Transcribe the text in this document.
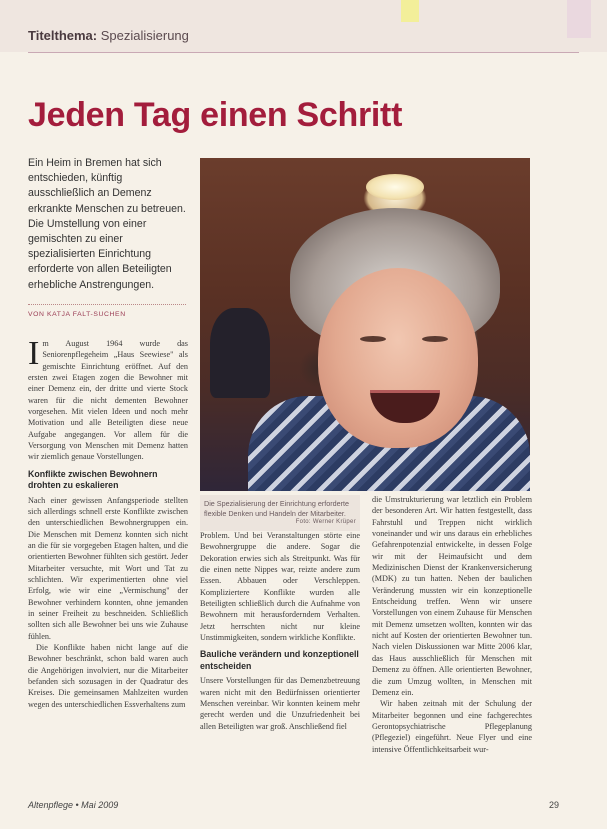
Titelthema: Spezialisierung
Jeden Tag einen Schritt
Ein Heim in Bremen hat sich entschieden, künftig ausschließlich an Demenz erkrankte Menschen zu betreuen. Die Umstellung von einer gemischten zu einer spezialisierten Einrichtung erforderte von allen Beteiligten erhebliche Anstrengungen.
VON KATJA FALT-SUCHEN
Die Spezialisierung der Einrichtung erforderte flexible Denken und Handeln der Mitarbeiter.
Foto: Werner Krüper

Im August 1964 wurde das Seniorenpflegeheim „Haus Seewiese" als gemischte Einrichtung eröffnet. Auf den ersten zwei Etagen zogen die Bewohner mit einer Demenz ein, der dritte und vierte Stock waren für die nicht dementen Bewohner vorgesehen. Mit vielen Ideen und noch mehr Motivation und alle Beteiligten diese neue Aufgabe angegangen. Vor allem für die Versorgung von Menschen mit Demenz hatten wir ziemlich genaue Vorstellungen.

Konflikte zwischen Bewohnern drohten zu eskalieren

Nach einer gewissen Anfangsperiode stellten sich allerdings schnell erste Konflikte zwischen den unterschiedlichen Bewohnergruppen ein. Die Menschen mit Demenz konnten sich nicht an die für sie vorgegeben Etagen halten, und die orientierten Bewohner fühlten sich gestört. Jeder Mitarbeiter versuchte, mit Wort und Tat zu schlichten. Wir experimentierten ohne viel Erfolg, wie wir eine „Vermischung" der Bewohner verhindern konnten, ohne jemanden in seiner Freiheit zu beschneiden. Schließlich sollten sich alle Bewohner bei uns wie Zuhause fühlen.

Die Konflikte haben nicht lange auf die Bewohner beschränkt, schon bald waren auch die Angehörigen involviert, nur die Mitarbeiter befanden sich sozusagen in der Quadratur des Kreises. Die gemeinsamen Mahlzeiten wurden wegen des unterschiedlichen Essverhaltens zum

Problem. Und bei Veranstaltungen störte eine Bewohnergruppe die andere. Sogar die Dekoration erwies sich als Streitpunkt. Was für die einen nette Nippes war, reizte andere zum Essen. Abbauen oder Verschleppen. Kompliziertere Konflikte wurden alle Beteiligten schließlich durch die Aufnahme von Bewohnern mit herausforderndem Verhalten. Jetzt herrschten nicht nur kleine Unstimmigkeiten, sondern wirkliche Konflikte.

Bauliche verändern und konzeptionell entscheiden

Unsere Vorstellungen für das Demenzbetreuung waren nicht mit den Bedürfnissen orientierter Menschen vereinbar. Wir konnten keinem mehr gerecht werden und die Unzufriedenheit bei allen Beteiligten war groß. Anschließend fiel

die Umstrukturierung war letztlich ein Problem der besonderen Art. Wir hatten festgestellt, dass Fahrstuhl und Treppen nicht wirklich voneinander und wir uns daraus ein erhebliches Gefahrenpotenzial entwickelte, in dessen Folge wir mit der Heimaufsicht und dem Medizinischen Dienst der Krankenversicherung (MDK) zu tun hatten. Neben der baulichen Veränderung mussten wir ein konzeptionelle Entscheidung treffen. Wenn wir unsere Vorstellungen von einem Zuhause für Menschen mit Demenz umsetzen wollten, konnten wir das nicht auf Kosten der orientierten Bewohner tun. Nach vielen Diskussionen war Mitte 2006 klar, das Haus ausschließlich für Menschen mit Demenz zu öffnen. Alle orientierten Bewohner, die zum Umzug wollten, in Menschen mit Demenz ein.

Wir haben zeitnah mit der Schulung der Mitarbeiter begonnen und eine fachgerechtes Gerontopsychiatrische Pflegeplanung (Pflegeziel) eingeführt. Neue Flyer und eine intensive Öffentlichkeitsarbeit wur-

Altenpflege • Mai 2009	29
